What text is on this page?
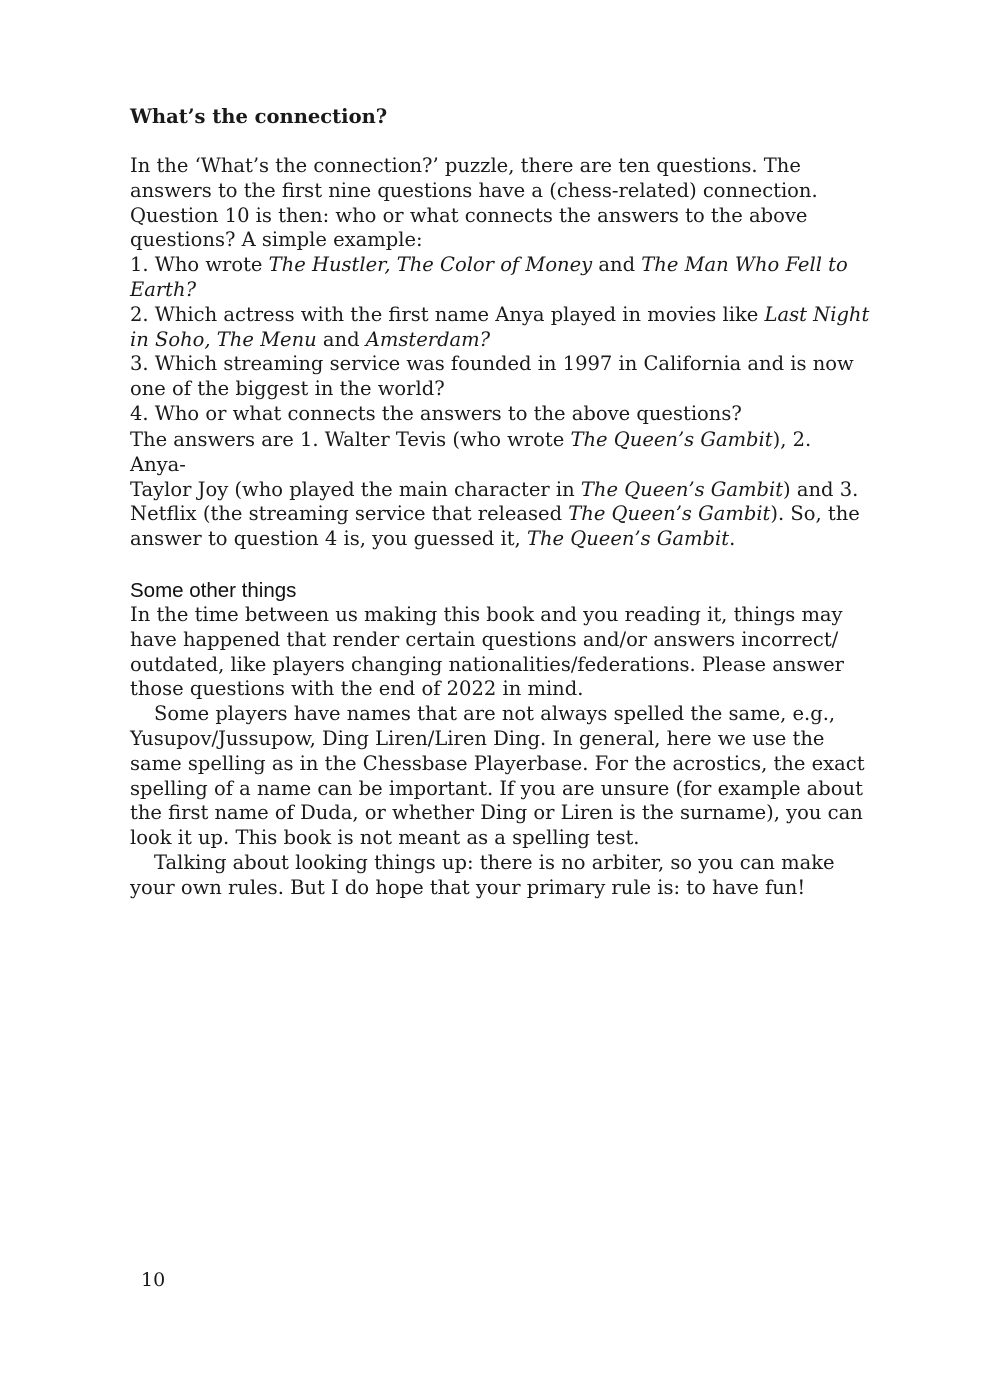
What’s the connection?

In the ‘What’s the connection?’ puzzle, there are ten questions. The

answers to the first nine questions have a (chess-related) connection.

Question 10 is then: who or what connects the answers to the above

questions? A simple example:

1. Who wrote The Hustler, The Color of Money and The Man Who Fell to Earth?

2. Which actress with the first name Anya played in movies like Last Night

in Soho, The Menu and Amsterdam?

3. Which streaming service was founded in 1997 in California and is now

one of the biggest in the world?

4. Who or what connects the answers to the above questions?

The answers are 1. Walter Tevis (who wrote The Queen’s Gambit), 2. Anya-

Taylor Joy (who played the main character in The Queen’s Gambit) and 3.

Netflix (the streaming service that released The Queen’s Gambit). So, the

answer to question 4 is, you guessed it, The Queen’s Gambit.

Some other things

In the time between us making this book and you reading it, things may

have happened that render certain questions and/or answers incorrect/

outdated, like players changing nationalities/federations. Please answer

those questions with the end of 2022 in mind.

Some players have names that are not always spelled the same, e.g.,

Yusupov/Jussupow, Ding Liren/Liren Ding. In general, here we use the

same spelling as in the Chessbase Playerbase. For the acrostics, the exact

spelling of a name can be important. If you are unsure (for example about

the first name of Duda, or whether Ding or Liren is the surname), you can

look it up. This book is not meant as a spelling test.

Talking about looking things up: there is no arbiter, so you can make

your own rules. But I do hope that your primary rule is: to have fun!

10
